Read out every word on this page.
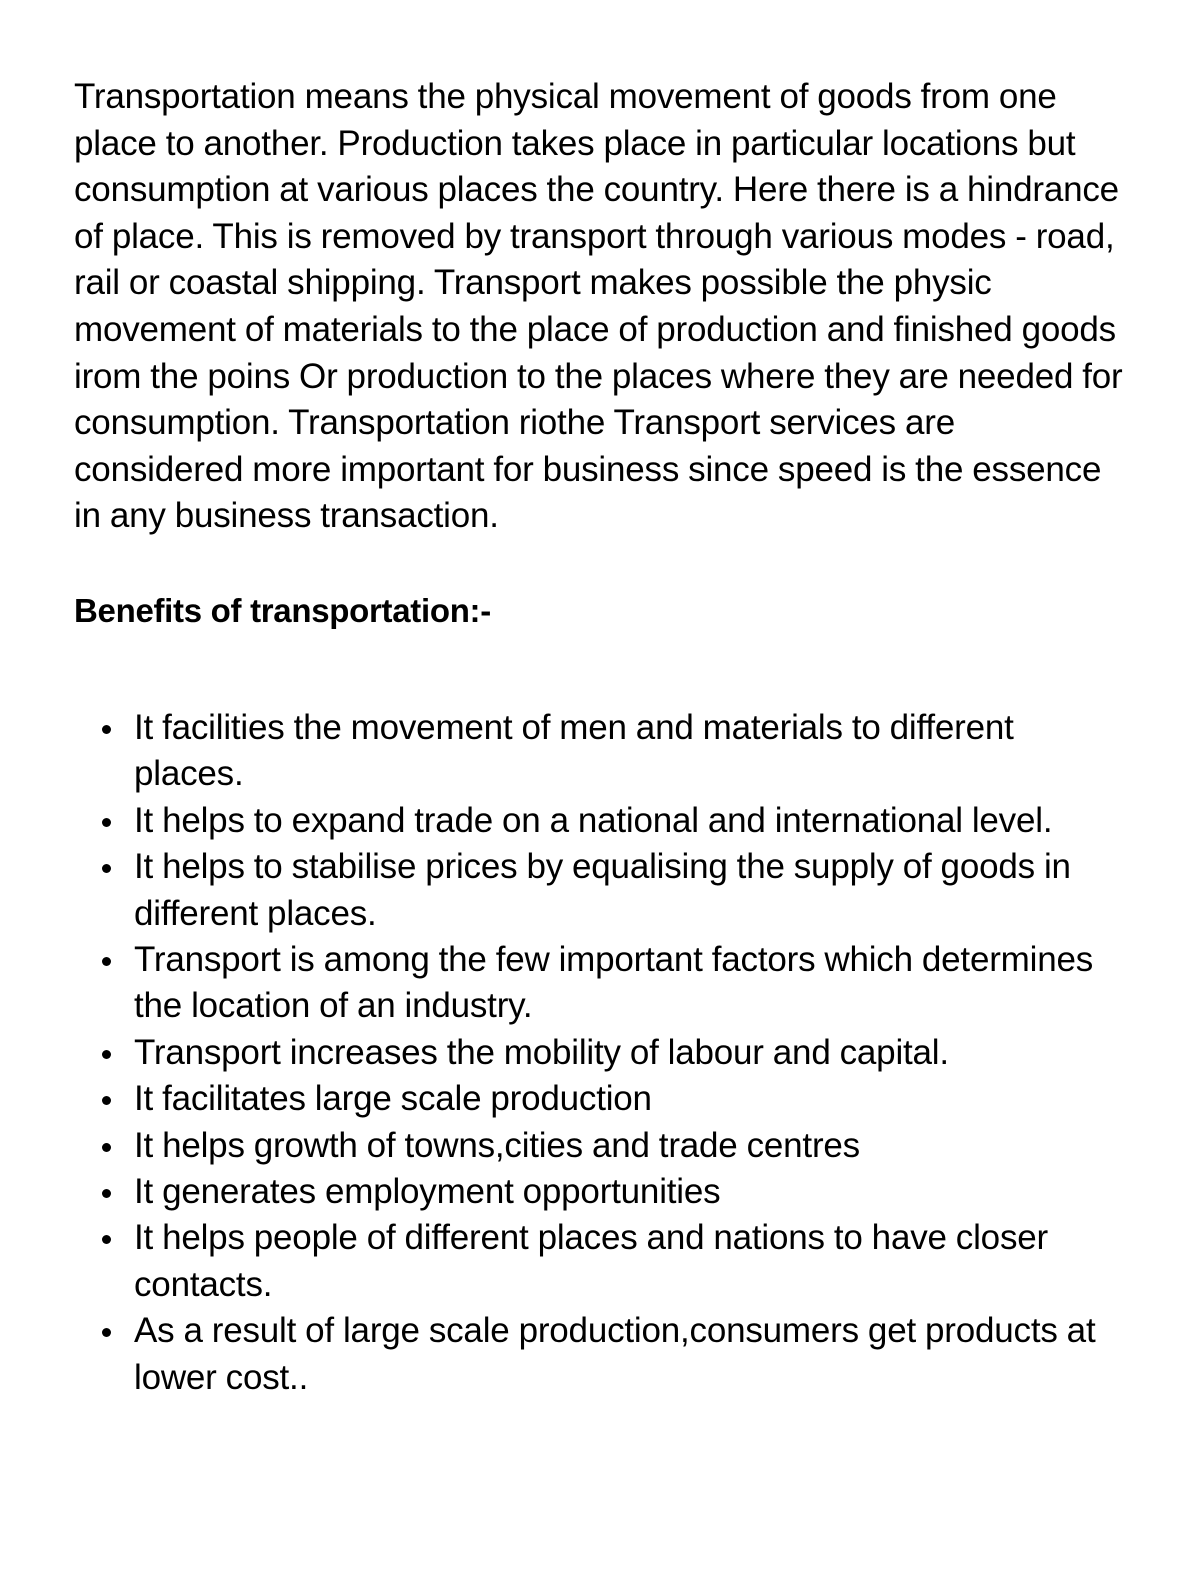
Transportation means the physical movement of goods from one place to another. Production takes place in particular locations but consumption at various places the country. Here there is a hindrance of place. This is removed by transport through various modes - road, rail or coastal shipping. Transport makes possible the physic movement of materials to the place of production and finished goods irom the poins Or production to the places where they are needed for consumption. Transportation riothe Transport services are considered more important for business since speed is the essence in any business transaction.

Benefits of transportation:-
It facilities the movement of men and materials to different places.
It helps to expand trade on a national and international level.
It helps to stabilise prices by equalising the supply of goods in different places.
Transport is among the few important factors which determines the location of an industry.
Transport increases the mobility of labour and capital.
It facilitates large scale production
It helps growth of towns,cities and trade centres
It generates employment opportunities
It helps people of different places and nations to have closer contacts.
As a result of large scale production,consumers get products at lower cost..
